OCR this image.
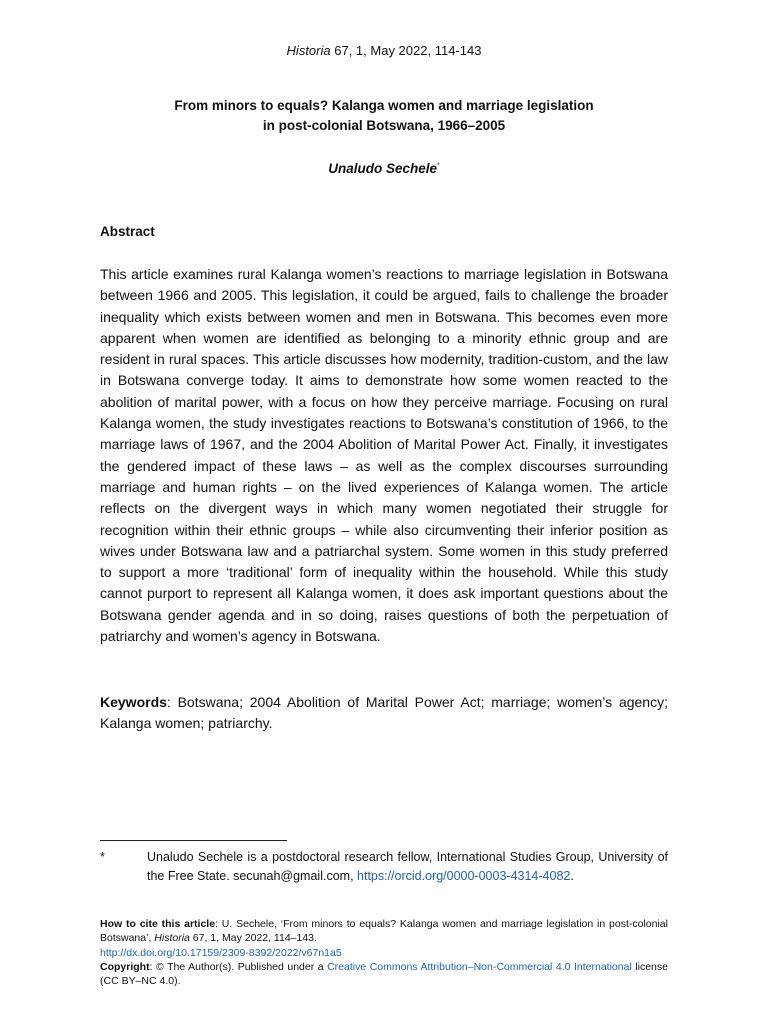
Historia 67, 1, May 2022, 114-143
From minors to equals? Kalanga women and marriage legislation
in post-colonial Botswana, 1966–2005
Unaludo Sechele*
Abstract
This article examines rural Kalanga women’s reactions to marriage legislation in Botswana between 1966 and 2005. This legislation, it could be argued, fails to challenge the broader inequality which exists between women and men in Botswana. This becomes even more apparent when women are identified as belonging to a minority ethnic group and are resident in rural spaces. This article discusses how modernity, tradition-custom, and the law in Botswana converge today. It aims to demonstrate how some women reacted to the abolition of marital power, with a focus on how they perceive marriage. Focusing on rural Kalanga women, the study investigates reactions to Botswana’s constitution of 1966, to the marriage laws of 1967, and the 2004 Abolition of Marital Power Act. Finally, it investigates the gendered impact of these laws – as well as the complex discourses surrounding marriage and human rights – on the lived experiences of Kalanga women. The article reflects on the divergent ways in which many women negotiated their struggle for recognition within their ethnic groups – while also circumventing their inferior position as wives under Botswana law and a patriarchal system. Some women in this study preferred to support a more ‘traditional’ form of inequality within the household. While this study cannot purport to represent all Kalanga women, it does ask important questions about the Botswana gender agenda and in so doing, raises questions of both the perpetuation of patriarchy and women’s agency in Botswana.
Keywords: Botswana; 2004 Abolition of Marital Power Act; marriage; women’s agency; Kalanga women; patriarchy.
*	Unaludo Sechele is a postdoctoral research fellow, International Studies Group, University of the Free State. secunah@gmail.com, https://orcid.org/0000-0003-4314-4082.
How to cite this article: U. Sechele, ‘From minors to equals? Kalanga women and marriage legislation in post-colonial Botswana’, Historia 67, 1, May 2022, 114–143.
http://dx.doi.org/10.17159/2309-8392/2022/v67n1a5
Copyright: © The Author(s). Published under a Creative Commons Attribution–Non-Commercial 4.0 International license (CC BY–NC 4.0).
